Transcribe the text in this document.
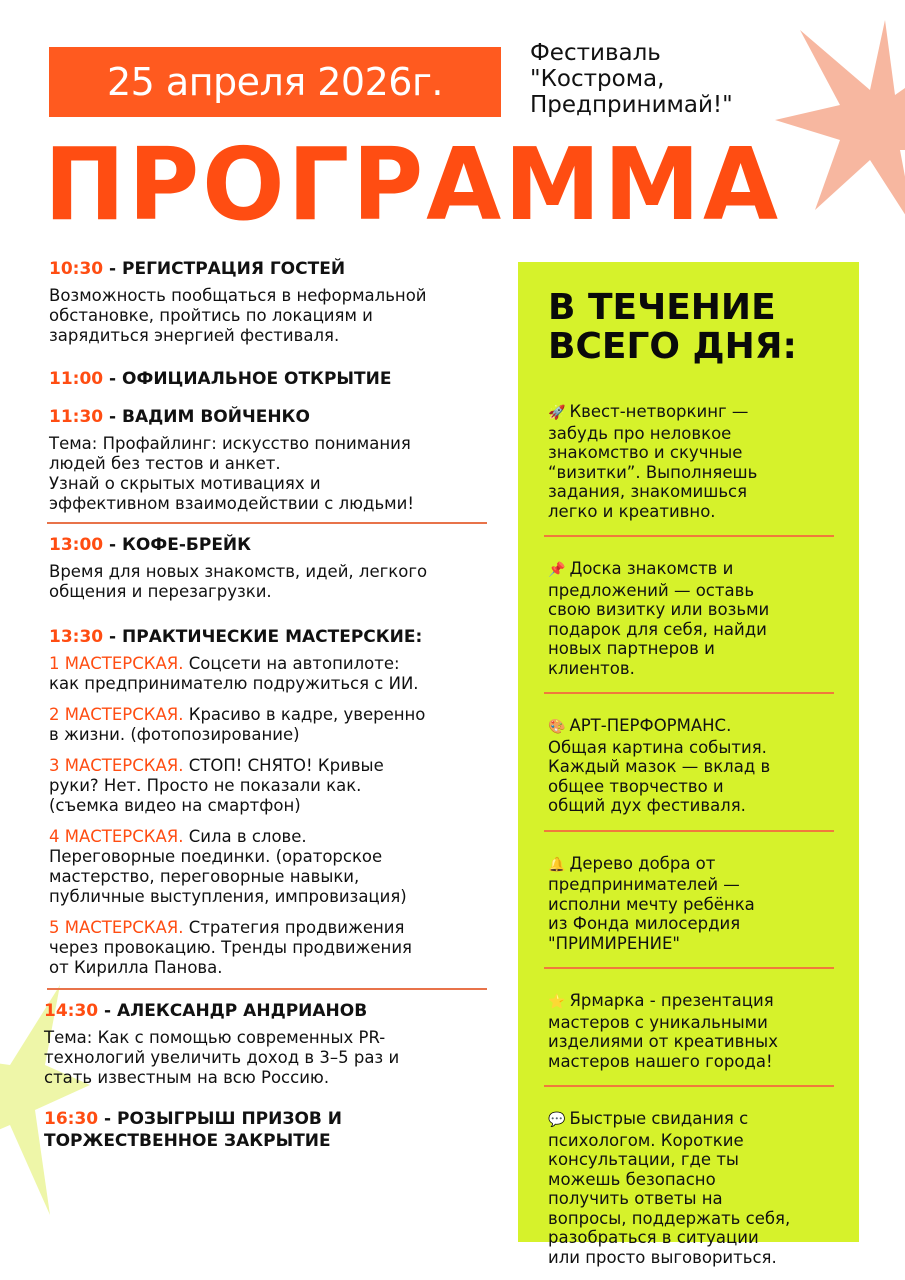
25 апреля 2026г.
Фестиваль
"Кострома,
Предпринимай!"
ПРОГРАММА
10:30 - РЕГИСТРАЦИЯ ГОСТЕЙ
Возможность пообщаться в неформальной
обстановке, пройтись по локациям и
зарядиться энергией фестиваля.
11:00 - ОФИЦИАЛЬНОЕ ОТКРЫТИЕ
11:30 - ВАДИМ ВОЙЧЕНКО
Тема: Профайлинг: искусство понимания
людей без тестов и анкет.
Узнай о скрытых мотивациях и
эффективном взаимодействии с людьми!
13:00 - КОФЕ-БРЕЙК
Время для новых знакомств, идей, легкого
общения и перезагрузки.
13:30 - ПРАКТИЧЕСКИЕ МАСТЕРСКИЕ:
1 МАСТЕРСКАЯ. Соцсети на автопилоте:
как предпринимателю подружиться с ИИ.
2 МАСТЕРСКАЯ. Красиво в кадре, уверенно
в жизни. (фотопозирование)
3 МАСТЕРСКАЯ. СТОП! СНЯТО! Кривые
руки? Нет. Просто не показали как.
(съемка видео на смартфон)
4 МАСТЕРСКАЯ. Сила в слове.
Переговорные поединки. (ораторское
мастерство, переговорные навыки,
публичные выступления, импровизация)
5 МАСТЕРСКАЯ. Стратегия продвижения
через провокацию. Тренды продвижения
от Кирилла Панова.
14:30 - АЛЕКСАНДР АНДРИАНОВ
Тема: Как с помощью современных PR-
технологий увеличить доход в 3–5 раз и
стать известным на всю Россию.
16:30 - РОЗЫГРЫШ ПРИЗОВ И
ТОРЖЕСТВЕННОЕ ЗАКРЫТИЕ
В ТЕЧЕНИЕ
ВСЕГО ДНЯ:
🚀 Квест-нетворкинг —
забудь про неловкое
знакомство и скучные
“визитки”. Выполняешь
задания, знакомишься
легко и креативно.
📌 Доска знакомств и
предложений — оставь
свою визитку или возьми
подарок для себя, найди
новых партнеров и
клиентов.
🎨 АРТ-ПЕРФОРМАНС.
Общая картина события.
Каждый мазок — вклад в
общее творчество и
общий дух фестиваля.
🔔 Дерево добра от
предпринимателей —
исполни мечту ребёнка
из Фонда милосердия
"ПРИМИРЕНИЕ"
⭐ Ярмарка - презентация
мастеров с уникальными
изделиями от креативных
мастеров нашего города!
💬 Быстрые свидания с
психологом. Короткие
консультации, где ты
можешь безопасно
получить ответы на
вопросы, поддержать себя,
разобраться в ситуации
или просто выговориться.
